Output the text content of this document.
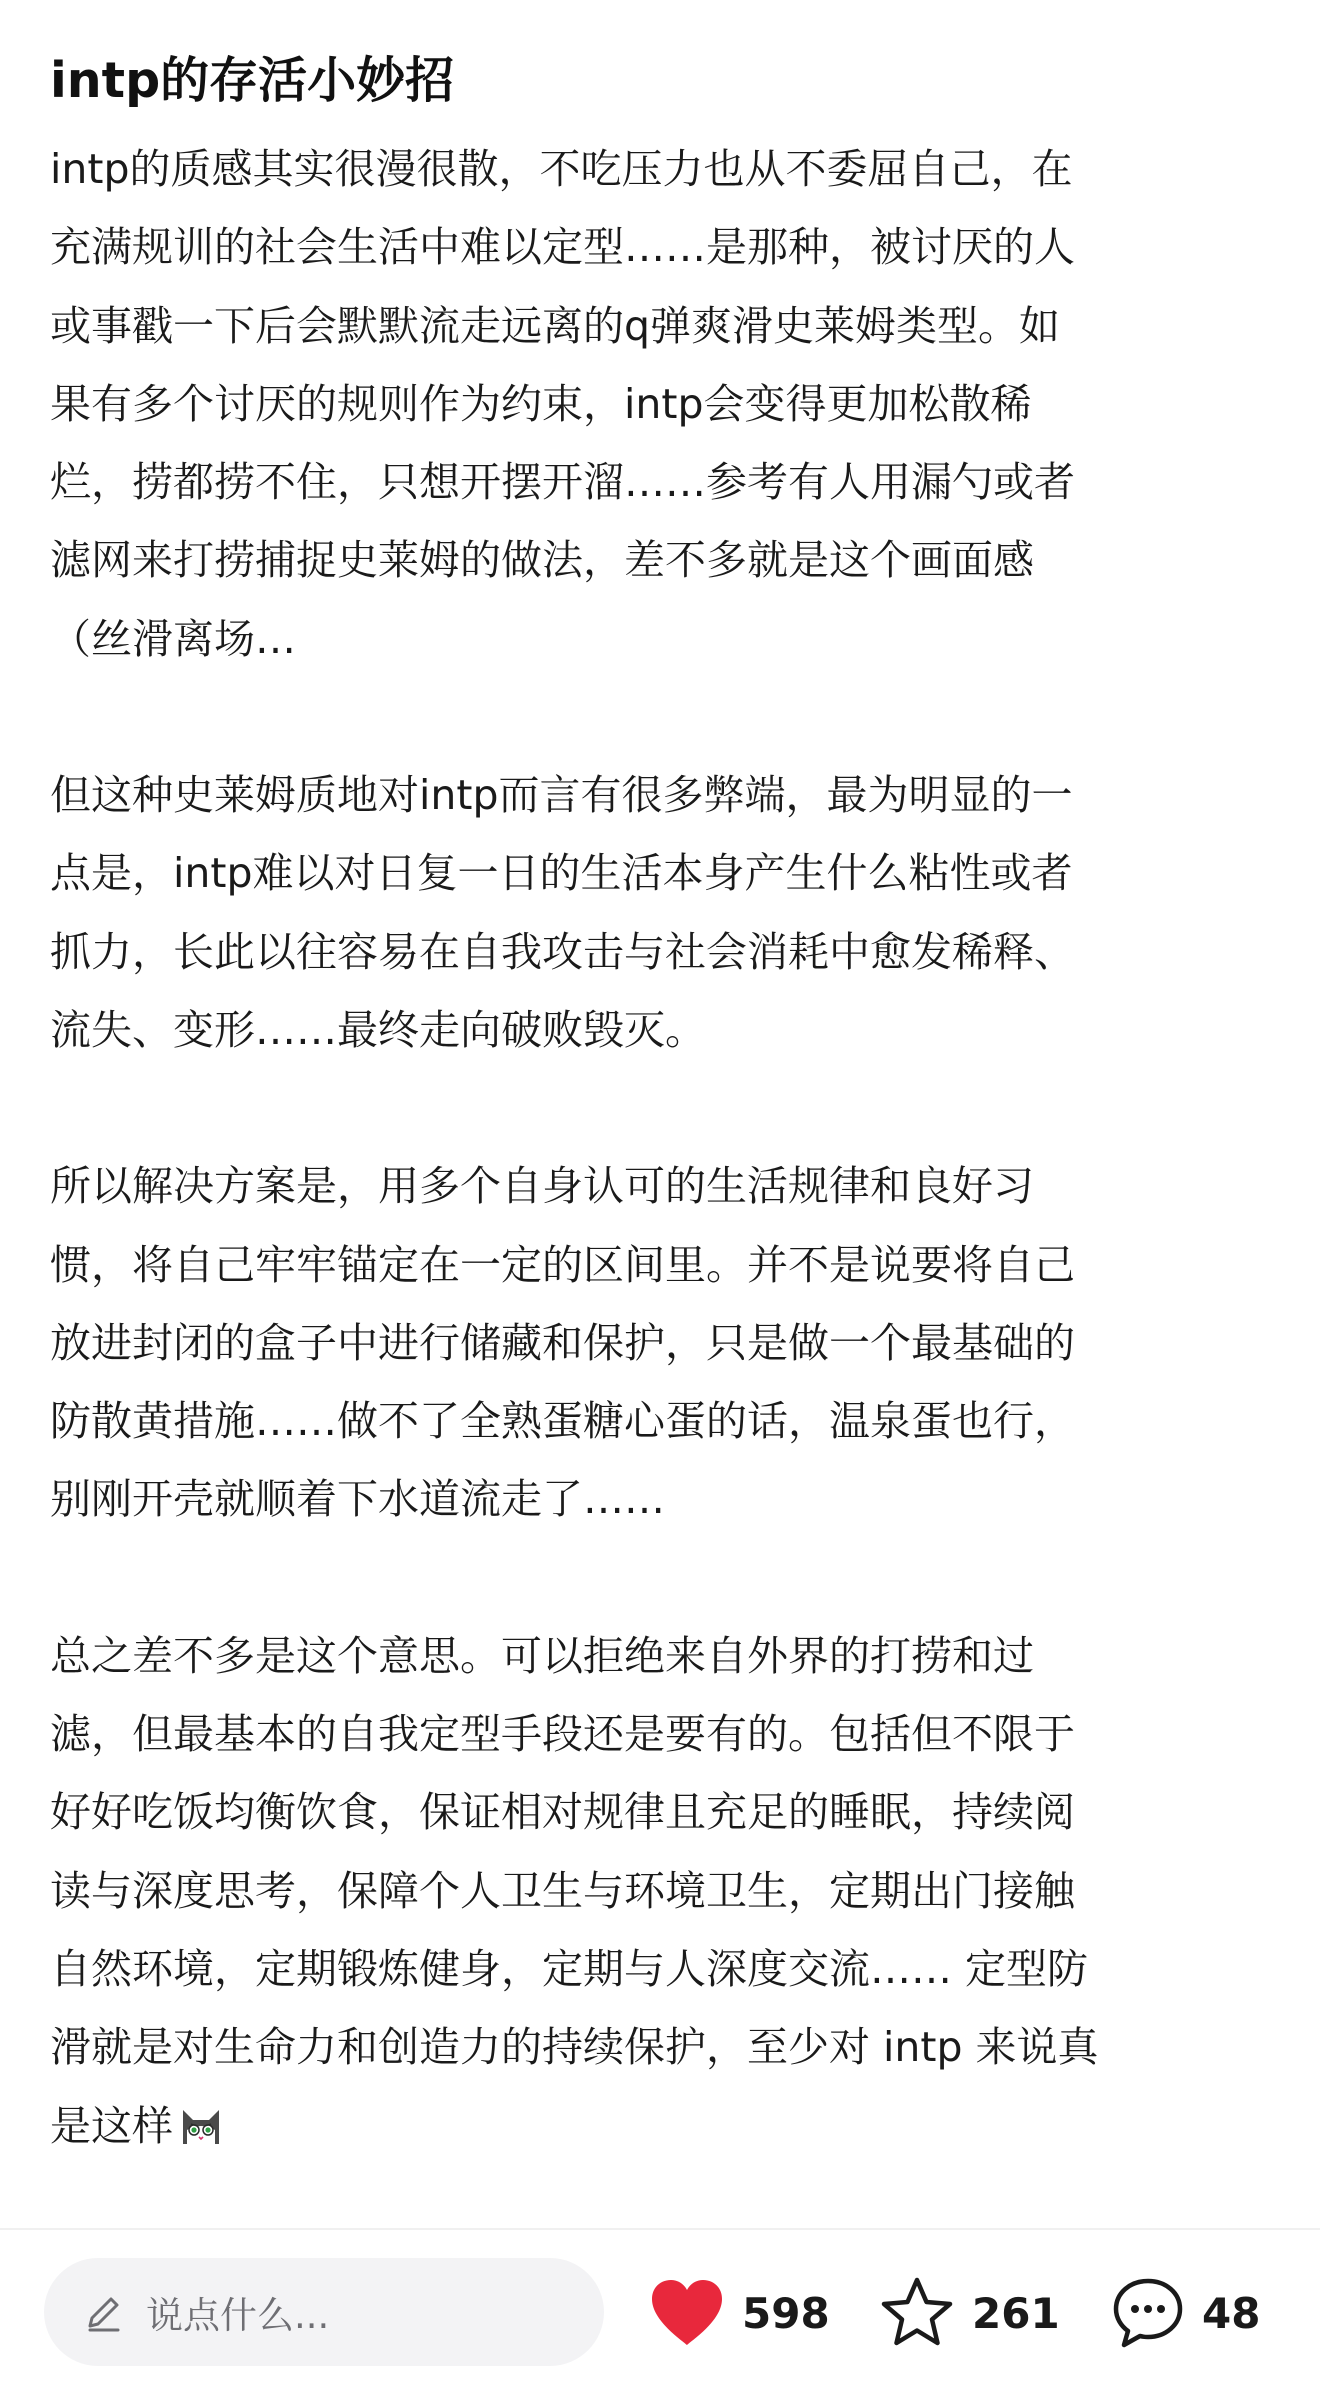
intp的存活小妙招

intp的质感其实很漫很散，不吃压力也从不委屈自己，在

充满规训的社会生活中难以定型……是那种，被讨厌的人

或事戳一下后会默默流走远离的q弹爽滑史莱姆类型。如

果有多个讨厌的规则作为约束，intp会变得更加松散稀

烂，捞都捞不住，只想开摆开溜……参考有人用漏勺或者

滤网来打捞捕捉史莱姆的做法，差不多就是这个画面感

（丝滑离场…

但这种史莱姆质地对intp而言有很多弊端，最为明显的一

点是，intp难以对日复一日的生活本身产生什么粘性或者

抓力，长此以往容易在自我攻击与社会消耗中愈发稀释、

流失、变形……最终走向破败毁灭。

所以解决方案是，用多个自身认可的生活规律和良好习

惯，将自己牢牢锚定在一定的区间里。并不是说要将自己

放进封闭的盒子中进行储藏和保护，只是做一个最基础的

防散黄措施……做不了全熟蛋糖心蛋的话，温泉蛋也行，

别刚开壳就顺着下水道流走了……

总之差不多是这个意思。可以拒绝来自外界的打捞和过

滤，但最基本的自我定型手段还是要有的。包括但不限于

好好吃饭均衡饮食，保证相对规律且充足的睡眠，持续阅

读与深度思考，保障个人卫生与环境卫生，定期出门接触

自然环境，定期锻炼健身，定期与人深度交流…… 定型防

滑就是对生命力和创造力的持续保护，至少对 intp 来说真

是这样

说点什么...	598	261	48
